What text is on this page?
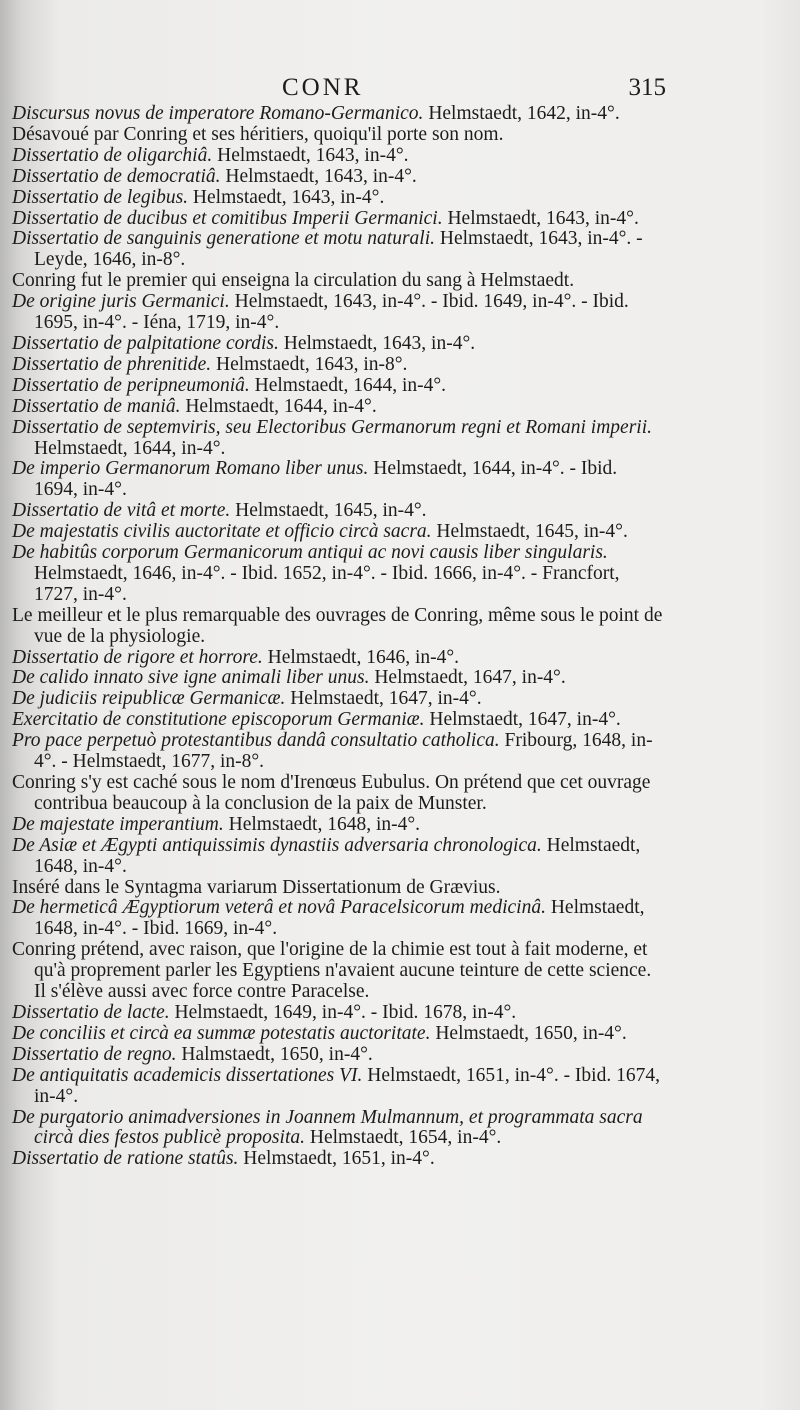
CONR	315

Discursus novus de imperatore Romano-Germanico. Helmstaedt, 1642, in-4°.

Désavoué par Conring et ses héritiers, quoiqu'il porte son nom.

Dissertatio de oligarchiâ. Helmstaedt, 1643, in-4°.

Dissertatio de democratiâ. Helmstaedt, 1643, in-4°.

Dissertatio de legibus. Helmstaedt, 1643, in-4°.

Dissertatio de ducibus et comitibus Imperii Germanici. Helmstaedt, 1643, in-4°.

Dissertatio de sanguinis generatione et motu naturali. Helmstaedt, 1643, in-4°. - Leyde, 1646, in-8°.

Conring fut le premier qui enseigna la circulation du sang à Helmstaedt.

De origine juris Germanici. Helmstaedt, 1643, in-4°. - Ibid. 1649, in-4°. - Ibid. 1695, in-4°. - Iéna, 1719, in-4°.

Dissertatio de palpitatione cordis. Helmstaedt, 1643, in-4°.

Dissertatio de phrenitide. Helmstaedt, 1643, in-8°.

Dissertatio de peripneumoniâ. Helmstaedt, 1644, in-4°.

Dissertatio de maniâ. Helmstaedt, 1644, in-4°.

Dissertatio de septemviris, seu Electoribus Germanorum regni et Romani imperii. Helmstaedt, 1644, in-4°.

De imperio Germanorum Romano liber unus. Helmstaedt, 1644, in-4°. - Ibid. 1694, in-4°.

Dissertatio de vitâ et morte. Helmstaedt, 1645, in-4°.

De majestatis civilis auctoritate et officio circà sacra. Helmstaedt, 1645, in-4°.

De habitûs corporum Germanicorum antiqui ac novi causis liber singularis. Helmstaedt, 1646, in-4°. - Ibid. 1652, in-4°. - Ibid. 1666, in-4°. - Francfort, 1727, in-4°.

Le meilleur et le plus remarquable des ouvrages de Conring, même sous le point de vue de la physiologie.

Dissertatio de rigore et horrore. Helmstaedt, 1646, in-4°.

De calido innato sive igne animali liber unus. Helmstaedt, 1647, in-4°.

De judiciis reipublicæ Germanicæ. Helmstaedt, 1647, in-4°.

Exercitatio de constitutione episcoporum Germaniæ. Helmstaedt, 1647, in-4°.

Pro pace perpetuò protestantibus dandâ consultatio catholica. Fribourg, 1648, in-4°. - Helmstaedt, 1677, in-8°.

Conring s'y est caché sous le nom d'Irenœus Eubulus. On prétend que cet ouvrage contribua beaucoup à la conclusion de la paix de Munster.

De majestate imperantium. Helmstaedt, 1648, in-4°.

De Asiæ et Ægypti antiquissimis dynastiis adversaria chronologica. Helmstaedt, 1648, in-4°.

Inséré dans le Syntagma variarum Dissertationum de Grævius.

De hermeticâ Ægyptiorum veterâ et novâ Paracelsicorum medicinâ. Helmstaedt, 1648, in-4°. - Ibid. 1669, in-4°.

Conring prétend, avec raison, que l'origine de la chimie est tout à fait moderne, et qu'à proprement parler les Egyptiens n'avaient aucune teinture de cette science. Il s'élève aussi avec force contre Paracelse.

Dissertatio de lacte. Helmstaedt, 1649, in-4°. - Ibid. 1678, in-4°.

De conciliis et circà ea summæ potestatis auctoritate. Helmstaedt, 1650, in-4°.

Dissertatio de regno. Halmstaedt, 1650, in-4°.

De antiquitatis academicis dissertationes VI. Helmstaedt, 1651, in-4°. - Ibid. 1674, in-4°.

De purgatorio animadversiones in Joannem Mulmannum, et programmata sacra circà dies festos publicè proposita. Helmstaedt, 1654, in-4°.

Dissertatio de ratione statûs. Helmstaedt, 1651, in-4°.
